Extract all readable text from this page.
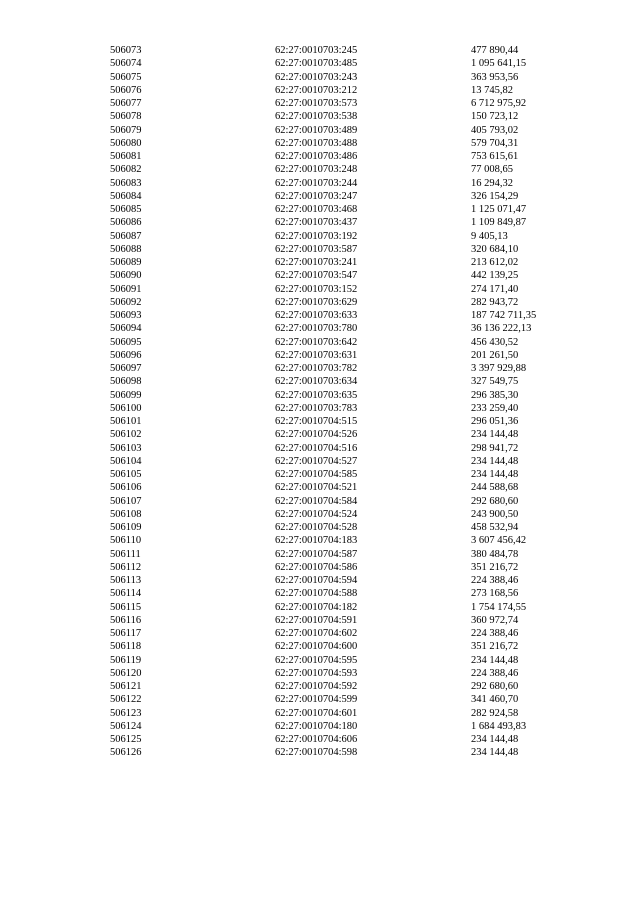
506073	62:27:0010703:245	477 890,44
506074	62:27:0010703:485	1 095 641,15
506075	62:27:0010703:243	363 953,56
506076	62:27:0010703:212	13 745,82
506077	62:27:0010703:573	6 712 975,92
506078	62:27:0010703:538	150 723,12
506079	62:27:0010703:489	405 793,02
506080	62:27:0010703:488	579 704,31
506081	62:27:0010703:486	753 615,61
506082	62:27:0010703:248	77 008,65
506083	62:27:0010703:244	16 294,32
506084	62:27:0010703:247	326 154,29
506085	62:27:0010703:468	1 125 071,47
506086	62:27:0010703:437	1 109 849,87
506087	62:27:0010703:192	9 405,13
506088	62:27:0010703:587	320 684,10
506089	62:27:0010703:241	213 612,02
506090	62:27:0010703:547	442 139,25
506091	62:27:0010703:152	274 171,40
506092	62:27:0010703:629	282 943,72
506093	62:27:0010703:633	187 742 711,35
506094	62:27:0010703:780	36 136 222,13
506095	62:27:0010703:642	456 430,52
506096	62:27:0010703:631	201 261,50
506097	62:27:0010703:782	3 397 929,88
506098	62:27:0010703:634	327 549,75
506099	62:27:0010703:635	296 385,30
506100	62:27:0010703:783	233 259,40
506101	62:27:0010704:515	296 051,36
506102	62:27:0010704:526	234 144,48
506103	62:27:0010704:516	298 941,72
506104	62:27:0010704:527	234 144,48
506105	62:27:0010704:585	234 144,48
506106	62:27:0010704:521	244 588,68
506107	62:27:0010704:584	292 680,60
506108	62:27:0010704:524	243 900,50
506109	62:27:0010704:528	458 532,94
506110	62:27:0010704:183	3 607 456,42
506111	62:27:0010704:587	380 484,78
506112	62:27:0010704:586	351 216,72
506113	62:27:0010704:594	224 388,46
506114	62:27:0010704:588	273 168,56
506115	62:27:0010704:182	1 754 174,55
506116	62:27:0010704:591	360 972,74
506117	62:27:0010704:602	224 388,46
506118	62:27:0010704:600	351 216,72
506119	62:27:0010704:595	234 144,48
506120	62:27:0010704:593	224 388,46
506121	62:27:0010704:592	292 680,60
506122	62:27:0010704:599	341 460,70
506123	62:27:0010704:601	282 924,58
506124	62:27:0010704:180	1 684 493,83
506125	62:27:0010704:606	234 144,48
506126	62:27:0010704:598	234 144,48
